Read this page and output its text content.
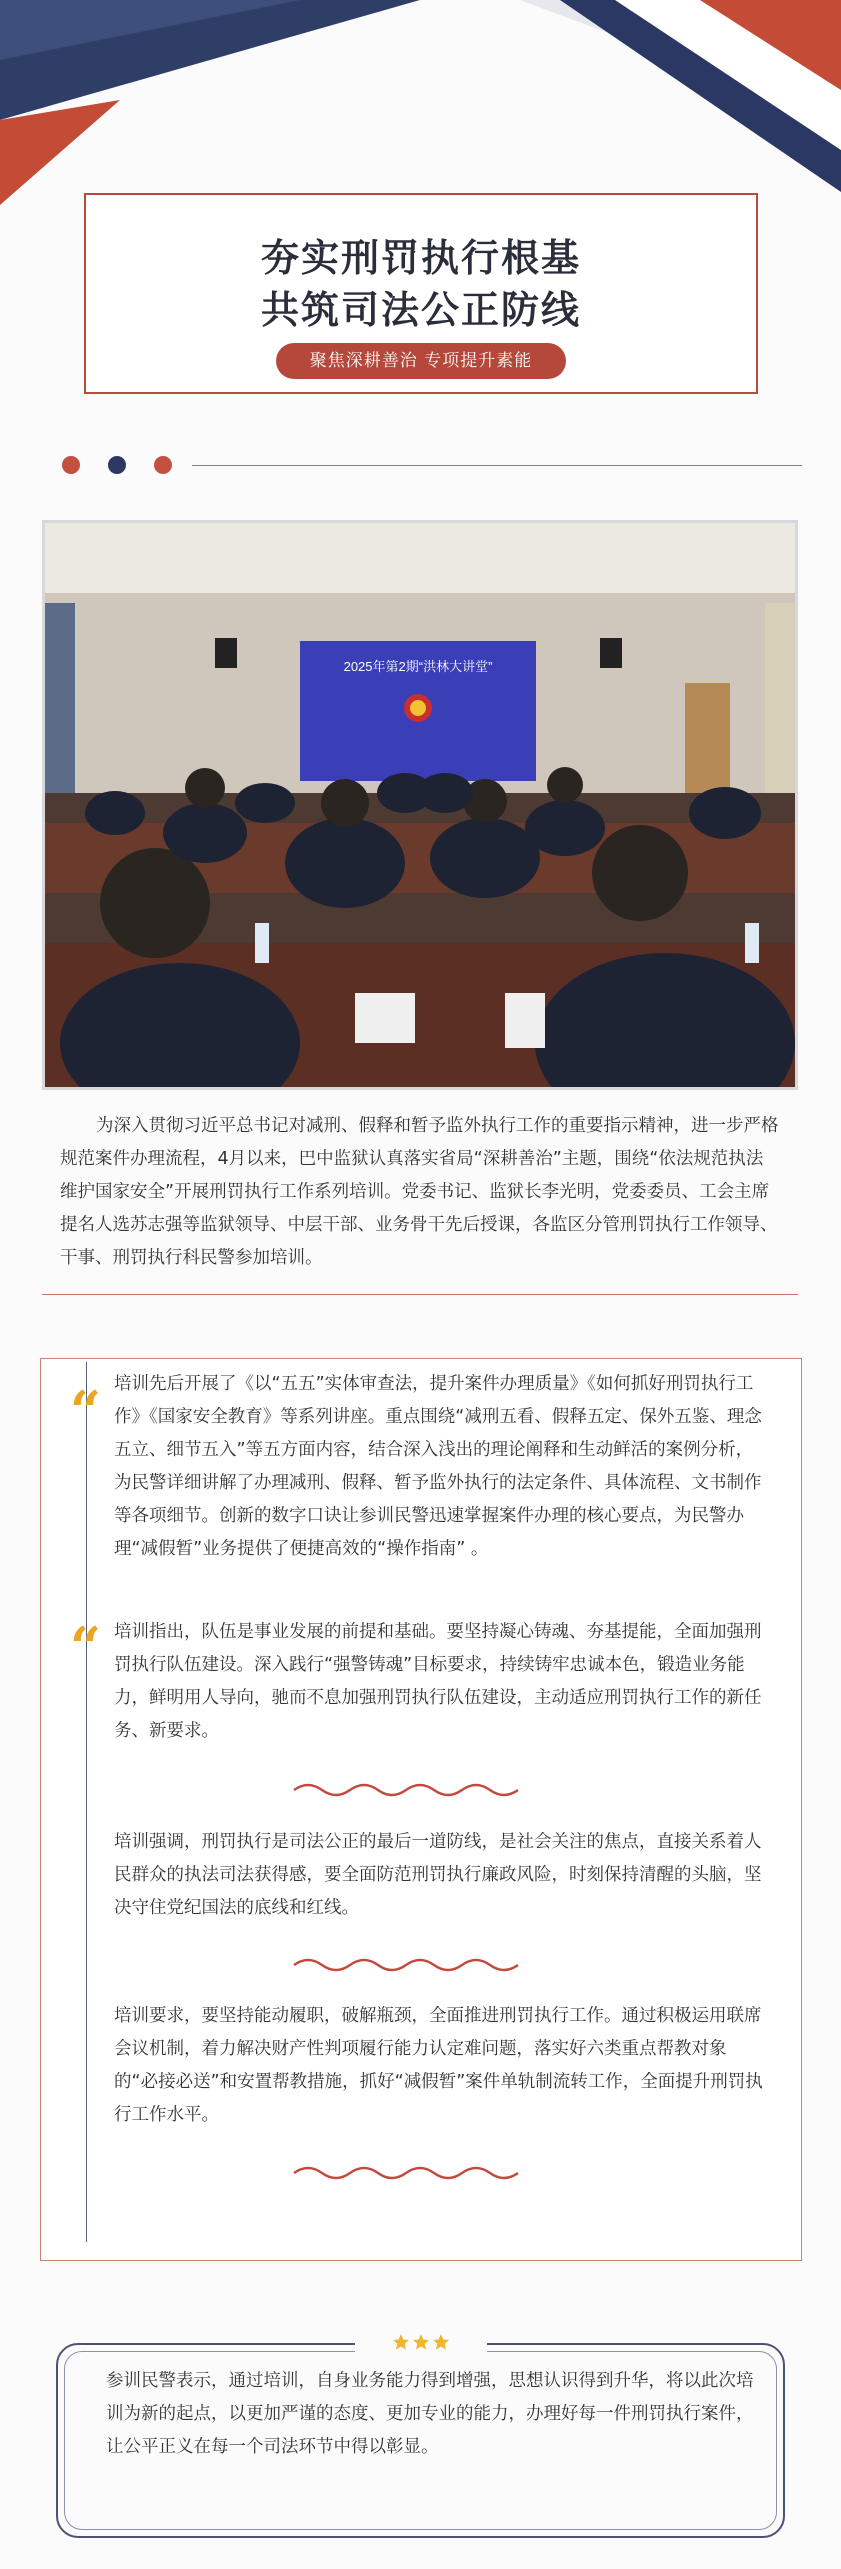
夯实刑罚执行根基
共筑司法公正防线
聚焦深耕善治 专项提升素能
2025年第2期“洪林大讲堂”
为深入贯彻习近平总书记对减刑、假释和暂予监外执行工作的重要指示精神，进一步严格规范案件办理流程，4月以来，巴中监狱认真落实省局“深耕善治”主题，围绕“依法规范执法 维护国家安全”开展刑罚执行工作系列培训。党委书记、监狱长李光明，党委委员、工会主席提名人选苏志强等监狱领导、中层干部、业务骨干先后授课，各监区分管刑罚执行工作领导、干事、刑罚执行科民警参加培训。
“ 培训先后开展了《以“五五”实体审查法，提升案件办理质量》《如何抓好刑罚执行工作》《国家安全教育》等系列讲座。重点围绕“减刑五看、假释五定、保外五鉴、理念五立、细节五入”等五方面内容，结合深入浅出的理论阐释和生动鲜活的案例分析，为民警详细讲解了办理减刑、假释、暂予监外执行的法定条件、具体流程、文书制作等各项细节。创新的数字口诀让参训民警迅速掌握案件办理的核心要点，为民警办理“减假暂”业务提供了便捷高效的“操作指南” 。
“ 培训指出，队伍是事业发展的前提和基础。要坚持凝心铸魂、夯基提能，全面加强刑罚执行队伍建设。深入践行“强警铸魂”目标要求，持续铸牢忠诚本色，锻造业务能力，鲜明用人导向，驰而不息加强刑罚执行队伍建设，主动适应刑罚执行工作的新任务、新要求。
培训强调，刑罚执行是司法公正的最后一道防线，是社会关注的焦点，直接关系着人民群众的执法司法获得感，要全面防范刑罚执行廉政风险，时刻保持清醒的头脑，坚决守住党纪国法的底线和红线。
培训要求，要坚持能动履职，破解瓶颈，全面推进刑罚执行工作。通过积极运用联席会议机制，着力解决财产性判项履行能力认定难问题，落实好六类重点帮教对象的“必接必送”和安置帮教措施，抓好“减假暂”案件单轨制流转工作，全面提升刑罚执行工作水平。
参训民警表示，通过培训，自身业务能力得到增强，思想认识得到升华，将以此次培训为新的起点，以更加严谨的态度、更加专业的能力，办理好每一件刑罚执行案件，让公平正义在每一个司法环节中得以彰显。
